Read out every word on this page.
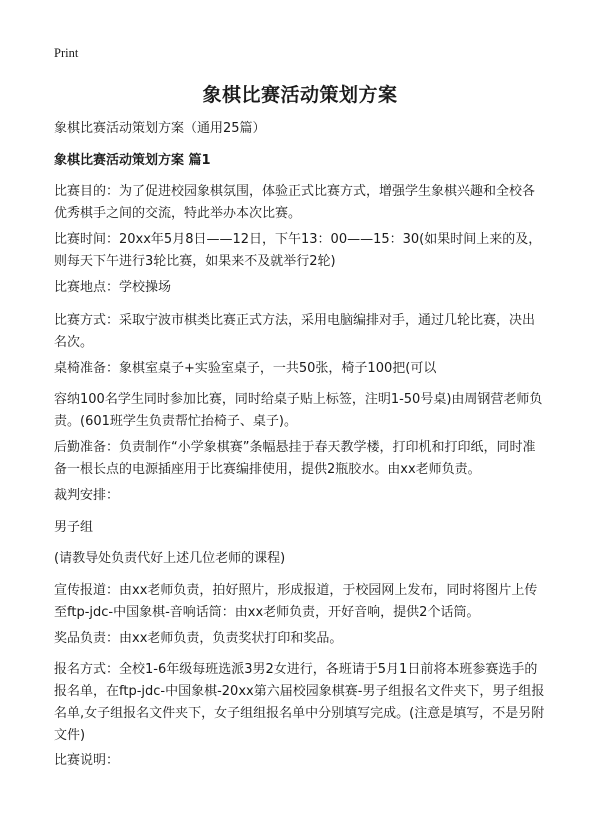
Print
象棋比赛活动策划方案
象棋比赛活动策划方案（通用25篇）
象棋比赛活动策划方案 篇1
比赛目的：为了促进校园象棋氛围，体验正式比赛方式，增强学生象棋兴趣和全校各优秀棋手之间的交流，特此举办本次比赛。
比赛时间：20xx年5月8日——12日，下午13：00——15：30(如果时间上来的及，则每天下午进行3轮比赛，如果来不及就举行2轮)
比赛地点：学校操场
比赛方式：采取宁波市棋类比赛正式方法，采用电脑编排对手，通过几轮比赛，决出名次。
桌椅准备：象棋室桌子+实验室桌子，一共50张，椅子100把(可以
容纳100名学生同时参加比赛，同时给桌子贴上标签，注明1-50号桌)由周钢营老师负责。(601班学生负责帮忙抬椅子、桌子)。
后勤准备：负责制作“小学象棋赛”条幅悬挂于春天教学楼，打印机和打印纸，同时准备一根长点的电源插座用于比赛编排使用，提供2瓶胶水。由xx老师负责。
裁判安排：
男子组
(请教导处负责代好上述几位老师的课程)
宣传报道：由xx老师负责，拍好照片，形成报道，于校园网上发布，同时将图片上传至ftp-jdc-中国象棋-音响话筒：由xx老师负责，开好音响，提供2个话筒。
奖品负责：由xx老师负责，负责奖状打印和奖品。
报名方式：全校1-6年级每班选派3男2女进行，各班请于5月1日前将本班参赛选手的报名单，在ftp-jdc-中国象棋-20xx第六届校园象棋赛-男子组报名文件夹下，男子组报名单,女子组报名文件夹下，女子组组报名单中分别填写完成。(注意是填写，不是另附文件)
比赛说明：
